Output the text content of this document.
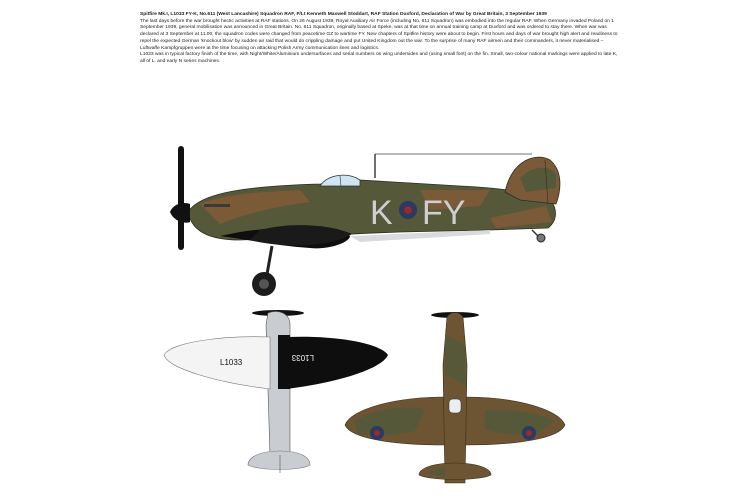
Spitfire Mk.I, L1033 FY-K, No.611 (West Lancashire) Squadron RAF, F/Lt Kenneth Maxwell Stoddart, RAF Station Duxford, Declaration of War by Great Britain, 3 September 1939

The last days before the war brought hectic activities at RAF stations. On 26 August 1939, Royal Auxiliary Air Force (including No. 611 Squadron) was embodied into the regular RAF. When Germany invaded Poland on 1 September 1939, general mobilisation was announced in Great Britain. No. 611 Squadron, originally based at Speke, was at that time on annual training camp at Duxford and was ordered to stay there. When war was declared at 3 September at 11.00, the squadron codes were changed from peacetime GZ to wartime FY. New chapters of Spitfire history were about to begin. First hours and days of war brought high alert and readiness to repel the expected German 'knockout blow' by sudden air raid that would do crippling damage and put United Kingdom out the war. To the surprise of many RAF airmen and their commanders, it never materialised – Luftwaffe Kampfgruppen were at the time focusing on attacking Polish Army communication lines and logistics.

L1033 was in typical factory finish of the time, with Night/White/Aluminium undersurfaces and serial numbers on wing undersides and (using small font) on the fin. Small, two-colour national markings were applied to late K, all of L. and early N series machines.

K FY
L1033
L1033
